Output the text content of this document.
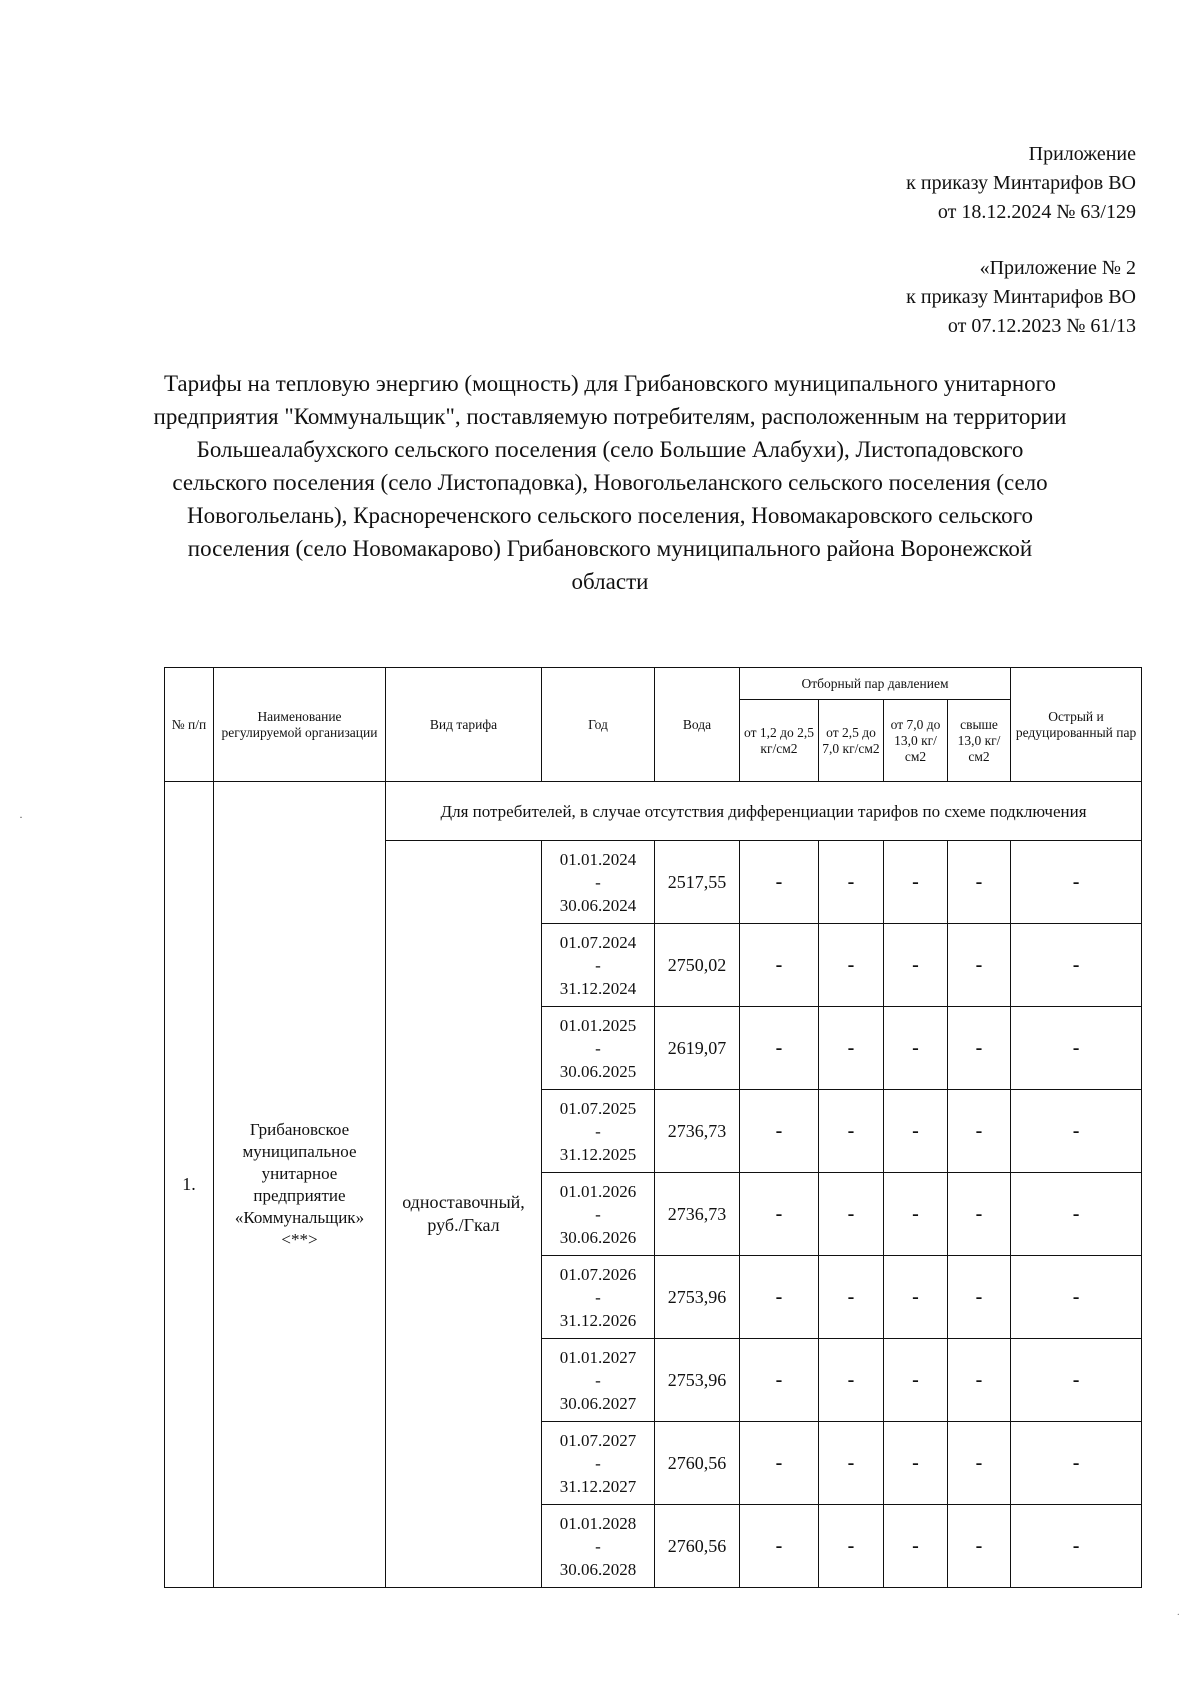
·
·
Приложение
к приказу Минтарифов ВО
от 18.12.2024 № 63/129
«Приложение № 2
к приказу Минтарифов ВО
от 07.12.2023 № 61/13
Тарифы на тепловую энергию (мощность) для Грибановского муниципального унитарного предприятия "Коммунальщик", поставляемую потребителям, расположенным на территории Большеалабухского сельского поселения (село Большие Алабухи), Листопадовского сельского поселения (село Листопадовка), Новогольеланского сельского поселения (село Новогольелань), Краснореченского сельского поселения, Новомакаровского сельского поселения (село Новомакарово) Грибановского муниципального района Воронежской области
№ п/п	Наименование регулируемой организации	Вид тарифа	Год	Вода	Отборный пар давлением				Острый и редуцированный пар
					от 1,2 до 2,5 кг/см2	от 2,5 до 7,0 кг/см2	от 7,0 до 13,0 кг/см2	свыше 13,0 кг/см2	
1.	Грибановское муниципальное унитарное предприятие «Коммунальщик» <**>	Для потребителей, в случае отсутствия дифференциации тарифов по схеме подключения							
		одноставочный, руб./Гкал	01.01.2024
-
30.06.2024	2517,55	-	-	-	-	-

			01.07.2024
-
31.12.2024	2750,02	-	-	-	-	-

			01.01.2025
-
30.06.2025	2619,07	-	-	-	-	-

			01.07.2025
-
31.12.2025	2736,73	-	-	-	-	-

			01.01.2026
-
30.06.2026	2736,73	-	-	-	-	-

			01.07.2026
-
31.12.2026	2753,96	-	-	-	-	-

			01.01.2027
-
30.06.2027	2753,96	-	-	-	-	-

			01.07.2027
-
31.12.2027	2760,56	-	-	-	-	-

			01.01.2028
-
30.06.2028	2760,56	-	-	-	-	-
